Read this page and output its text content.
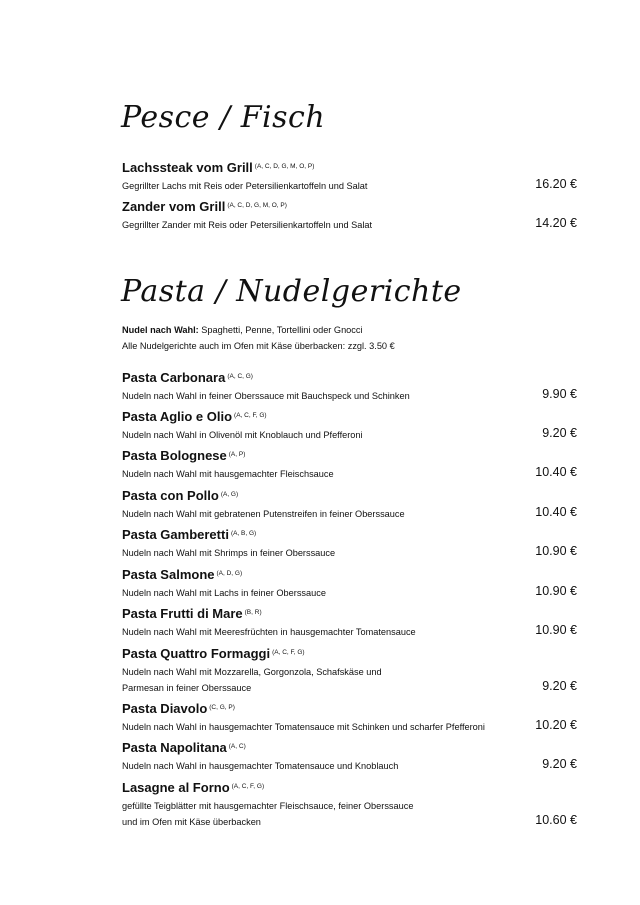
Pesce / Fisch
Lachssteak vom Grill $^{(A, C, D, G, M, O, P)}$
Gegrillter Lachs mit Reis oder Petersilienkartoffeln und Salat	16.20 €
Zander vom Grill $^{(A, C, D, G, M, O, P)}$
Gegrillter Zander mit Reis oder Petersilienkartoffeln und Salat	14.20 €
Pasta / Nudelgerichte
Nudel nach Wahl: Spaghetti, Penne, Tortellini oder Gnocci
Alle Nudelgerichte auch im Ofen mit Käse überbacken: zzgl. 3.50 €
Pasta Carbonara $^{(A, C, G)}$
Nudeln nach Wahl in feiner Oberssauce mit Bauchspeck und Schinken	9.90 €
Pasta Aglio e Olio $^{(A, C, F, G)}$
Nudeln nach Wahl in Olivenöl mit Knoblauch und Pfefferoni	9.20 €
Pasta Bolognese $^{(A, P)}$
Nudeln nach Wahl mit hausgemachter Fleischsauce	10.40 €
Pasta con Pollo $^{(A, G)}$
Nudeln nach Wahl mit gebratenen Putenstreifen in feiner Oberssauce	10.40 €
Pasta Gamberetti $^{(A, B, G)}$
Nudeln nach Wahl mit Shrimps in feiner Oberssauce	10.90 €
Pasta Salmone $^{(A, D, G)}$
Nudeln nach Wahl mit Lachs in feiner Oberssauce	10.90 €
Pasta Frutti di Mare $^{(B, R)}$
Nudeln nach Wahl mit Meeresfrüchten in hausgemachter Tomatensauce	10.90 €
Pasta Quattro Formaggi $^{(A, C, F, G)}$
Nudeln nach Wahl mit Mozzarella, Gorgonzola, Schafskäse und
Parmesan in feiner Oberssauce	9.20 €
Pasta Diavolo $^{(C, G, P)}$
Nudeln nach Wahl in hausgemachter Tomatensauce mit Schinken und scharfer Pfefferoni	10.20 €
Pasta Napolitana $^{(A, C)}$
Nudeln nach Wahl in hausgemachter Tomatensauce und Knoblauch	9.20 €
Lasagne al Forno $^{(A, C, F, G)}$
gefüllte Teigblätter mit hausgemachter Fleischsauce, feiner Oberssauce
und im Ofen mit Käse überbacken	10.60 €
